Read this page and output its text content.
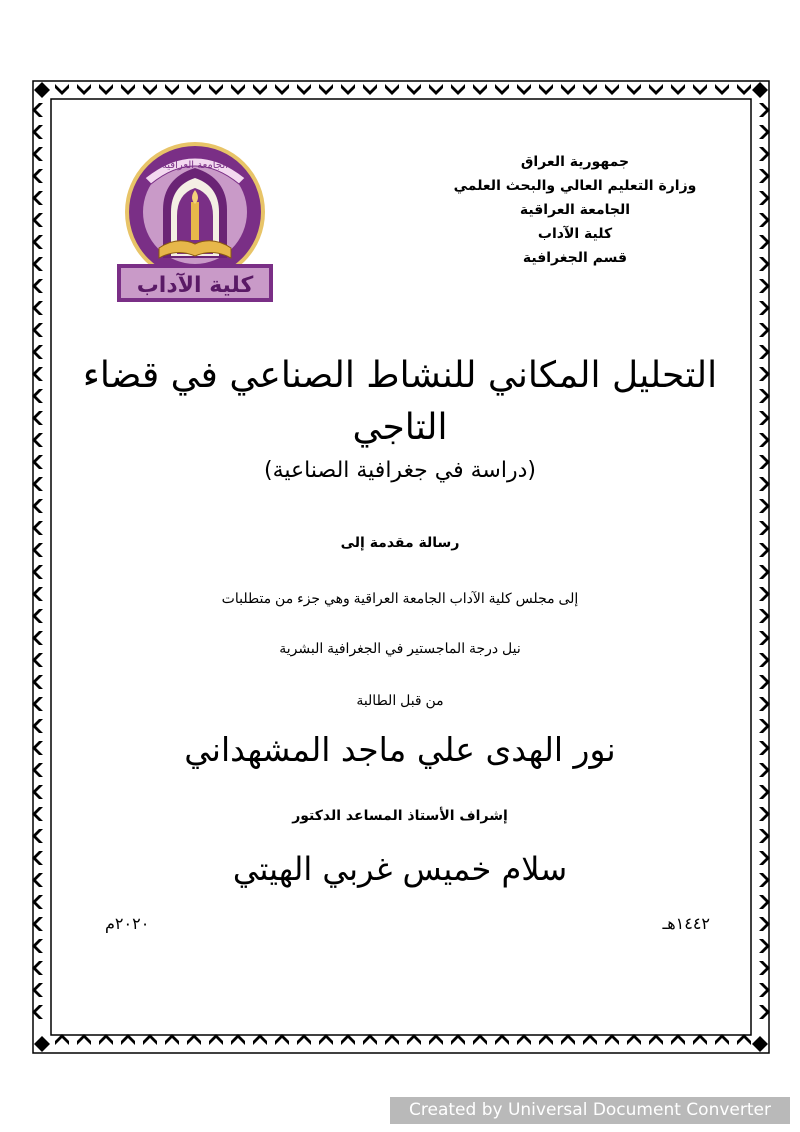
جمهورية العراق
وزارة التعليم العالي والبحث العلمي
الجامعة العراقية
كلية الآداب
قسم الجغرافية
الجامعة العراقية
كلية الآداب
التحليل المكاني للنشاط الصناعي في قضاء
التاجي
(دراسة في جغرافية الصناعية)
رسالة مقدمة إلى
إلى مجلس كلية الآداب الجامعة العراقية وهي جزء من متطلبات
نيل درجة الماجستير في الجغرافية البشرية
من قبل الطالبة
نور الهدى علي ماجد المشهداني
إشراف الأستاذ المساعد الدكتور
سلام خميس غربي الهيتي
١٤٤٢هـ
٢٠٢٠م
Created by Universal Document Converter
